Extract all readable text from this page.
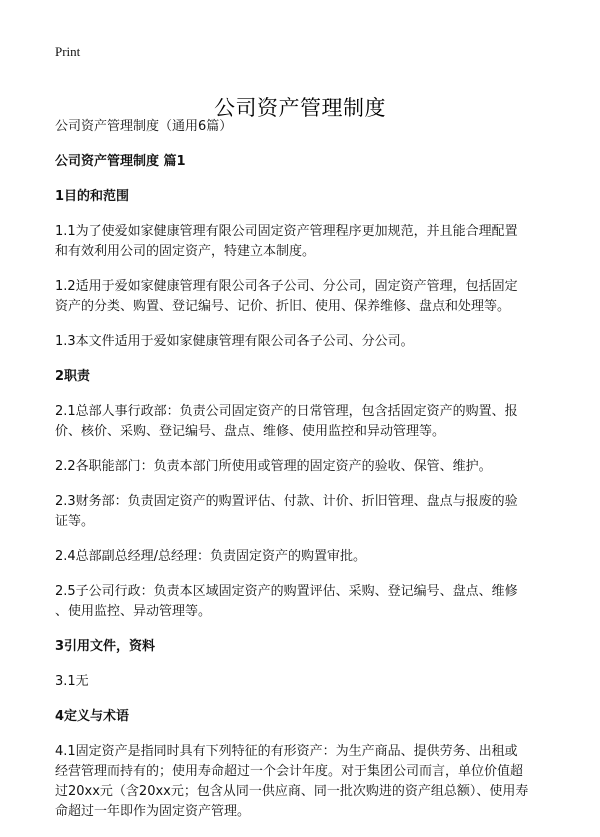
Print
公司资产管理制度

公司资产管理制度（通用6篇）

公司资产管理制度 篇1

1目的和范围

1.1为了使爱如家健康管理有限公司固定资产管理程序更加规范，并且能合理配置

和有效利用公司的固定资产，特建立本制度。

1.2适用于爱如家健康管理有限公司各子公司、分公司，固定资产管理，包括固定

资产的分类、购置、登记编号、记价、折旧、使用、保养维修、盘点和处理等。

1.3本文件适用于爱如家健康管理有限公司各子公司、分公司。

2职责

2.1总部人事行政部：负责公司固定资产的日常管理，包含括固定资产的购置、报

价、核价、采购、登记编号、盘点、维修、使用监控和异动管理等。

2.2各职能部门：负责本部门所使用或管理的固定资产的验收、保管、维护。

2.3财务部：负责固定资产的购置评估、付款、计价、折旧管理、盘点与报废的验

证等。

2.4总部副总经理/总经理：负责固定资产的购置审批。

2.5子公司行政：负责本区域固定资产的购置评估、采购、登记编号、盘点、维修

、使用监控、异动管理等。

3引用文件，资料

3.1无

4定义与术语

4.1固定资产是指同时具有下列特征的有形资产：为生产商品、提供劳务、出租或

经营管理而持有的；使用寿命超过一个会计年度。对于集团公司而言，单位价值超

过20xx元（含20xx元；包含从同一供应商、同一批次购进的资产组总额）、使用寿

命超过一年即作为固定资产管理。
